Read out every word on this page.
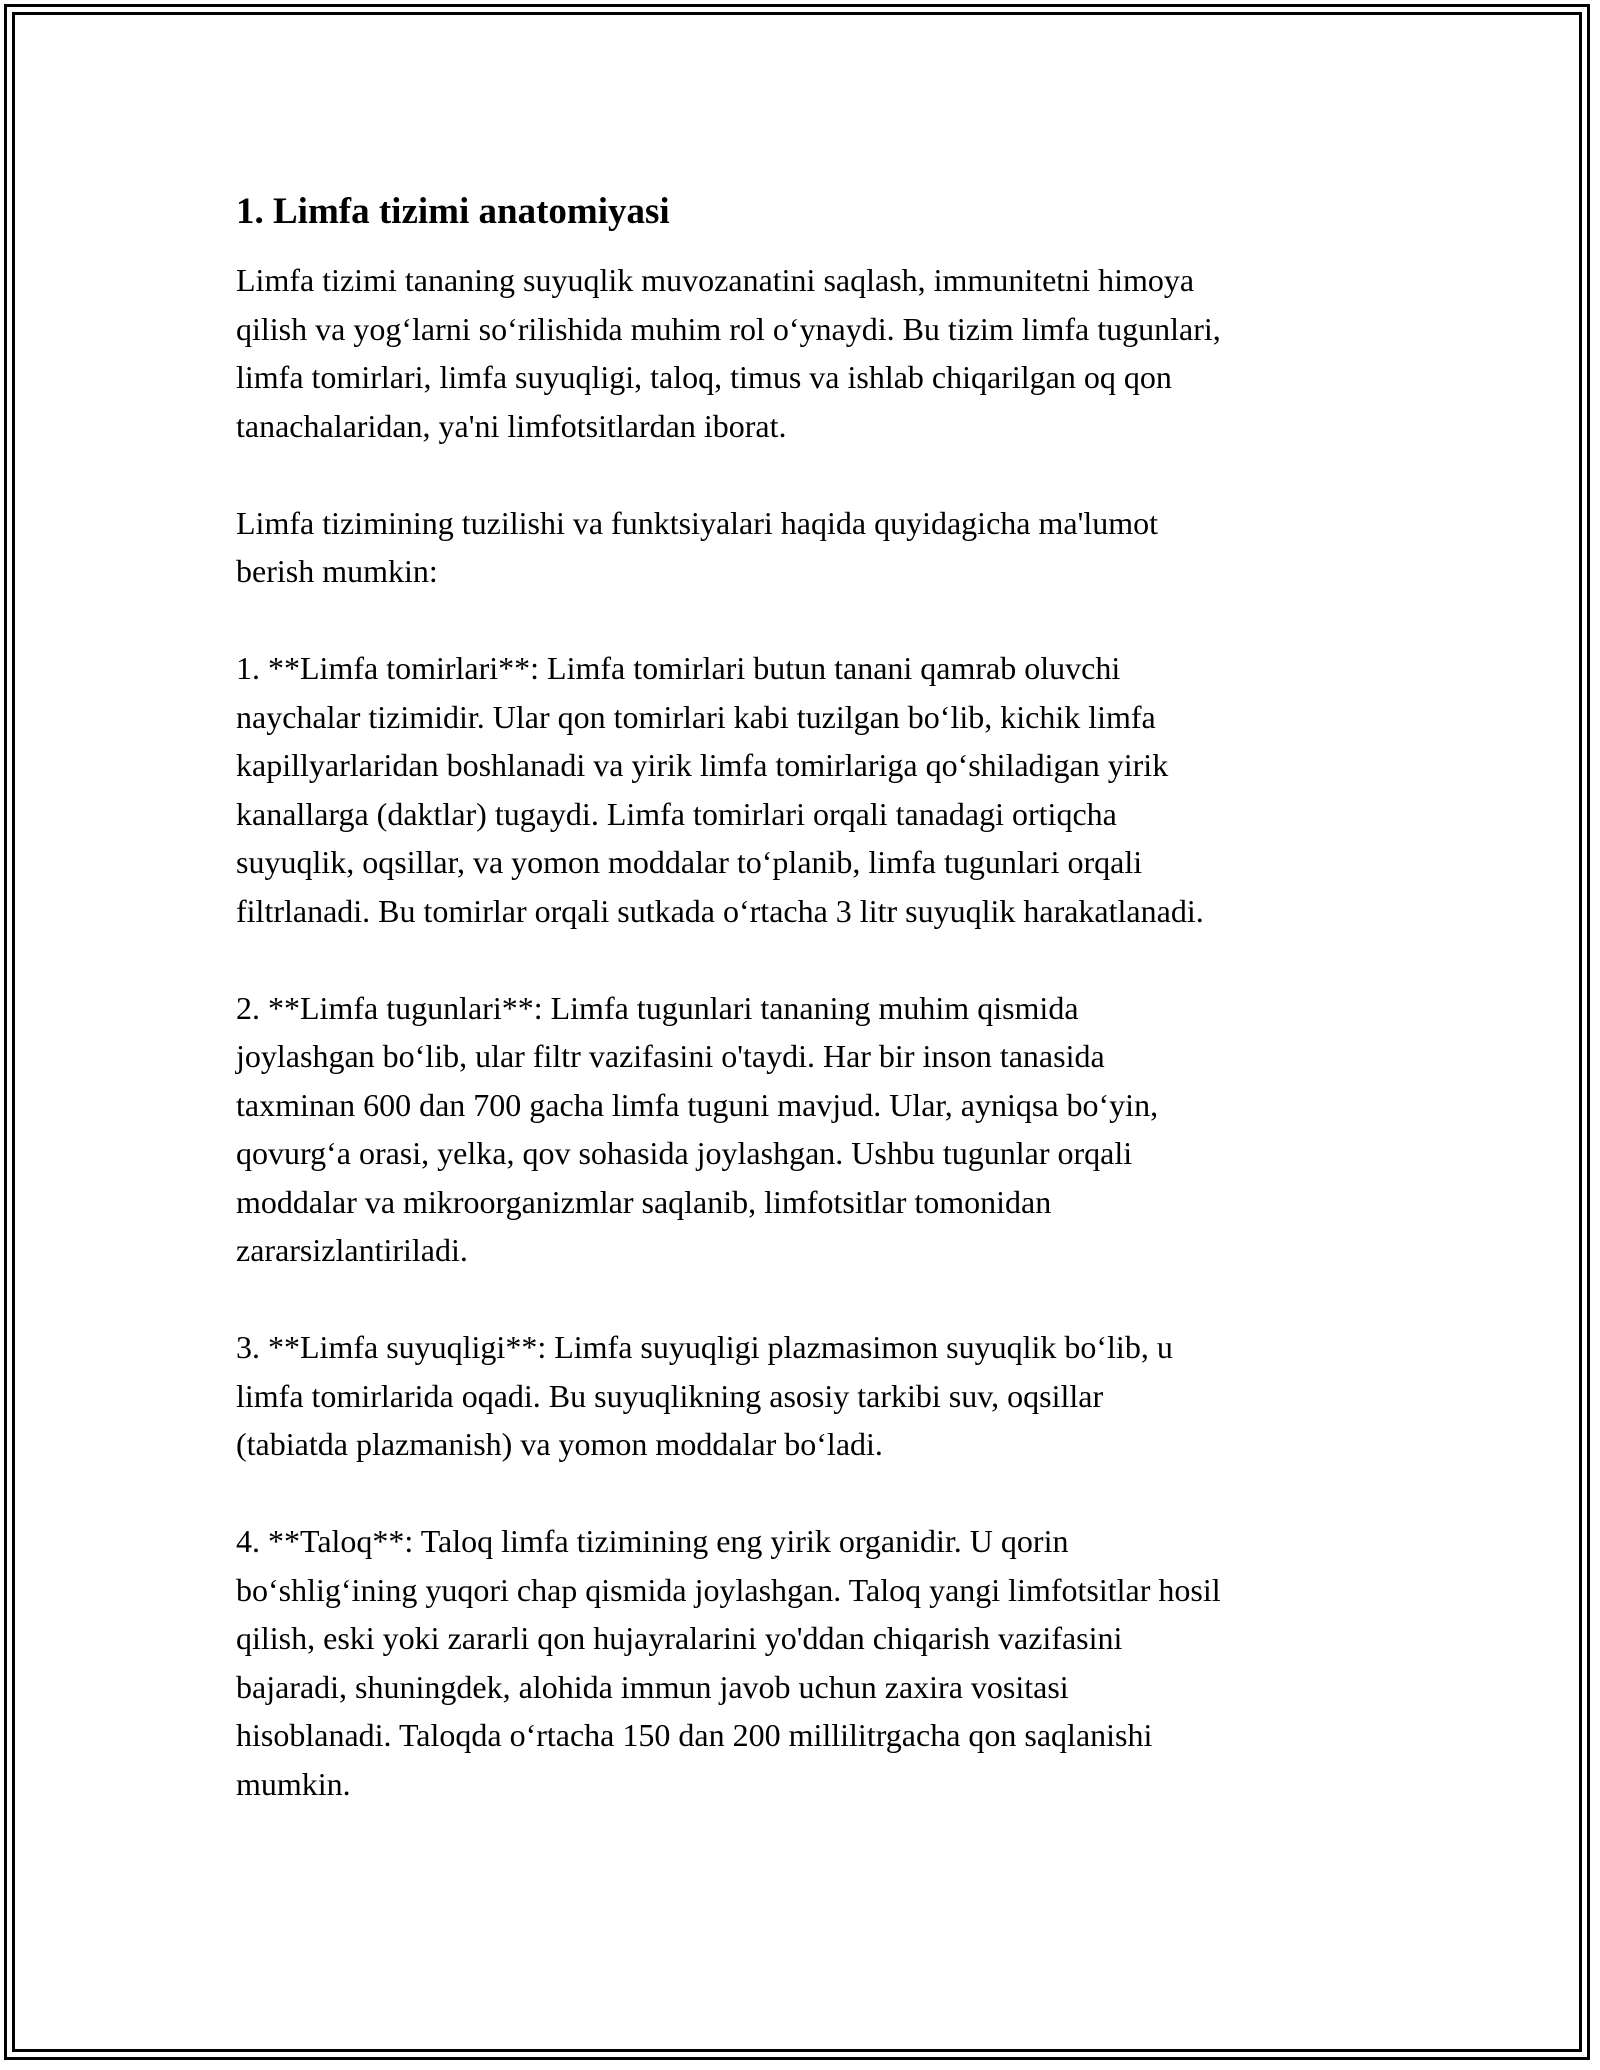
1. Limfa tizimi anatomiyasi
Limfa tizimi tananing suyuqlik muvozanatini saqlash, immunitetni himoya
qilish va yog‘larni so‘rilishida muhim rol o‘ynaydi. Bu tizim limfa tugunlari,
limfa tomirlari, limfa suyuqligi, taloq, timus va ishlab chiqarilgan oq qon
tanachalaridan, ya'ni limfotsitlardan iborat.
Limfa tizimining tuzilishi va funktsiyalari haqida quyidagicha ma'lumot
berish mumkin:
1. **Limfa tomirlari**: Limfa tomirlari butun tanani qamrab oluvchi
naychalar tizimidir. Ular qon tomirlari kabi tuzilgan bo‘lib, kichik limfa
kapillyarlaridan boshlanadi va yirik limfa tomirlariga qo‘shiladigan yirik
kanallarga (daktlar) tugaydi. Limfa tomirlari orqali tanadagi ortiqcha
suyuqlik, oqsillar, va yomon moddalar to‘planib, limfa tugunlari orqali
filtrlanadi. Bu tomirlar orqali sutkada o‘rtacha 3 litr suyuqlik harakatlanadi.
2. **Limfa tugunlari**: Limfa tugunlari tananing muhim qismida
joylashgan bo‘lib, ular filtr vazifasini o'taydi. Har bir inson tanasida
taxminan 600 dan 700 gacha limfa tuguni mavjud. Ular, ayniqsa bo‘yin,
qovurg‘a orasi, yelka, qov sohasida joylashgan. Ushbu tugunlar orqali
moddalar va mikroorganizmlar saqlanib, limfotsitlar tomonidan
zararsizlantiriladi.
3. **Limfa suyuqligi**: Limfa suyuqligi plazmasimon suyuqlik bo‘lib, u
limfa tomirlarida oqadi. Bu suyuqlikning asosiy tarkibi suv, oqsillar
(tabiatda plazmanish) va yomon moddalar bo‘ladi.
4. **Taloq**: Taloq limfa tizimining eng yirik organidir. U qorin
bo‘shlig‘ining yuqori chap qismida joylashgan. Taloq yangi limfotsitlar hosil
qilish, eski yoki zararli qon hujayralarini yo'ddan chiqarish vazifasini
bajaradi, shuningdek, alohida immun javob uchun zaxira vositasi
hisoblanadi. Taloqda o‘rtacha 150 dan 200 millilitrgacha qon saqlanishi
mumkin.
